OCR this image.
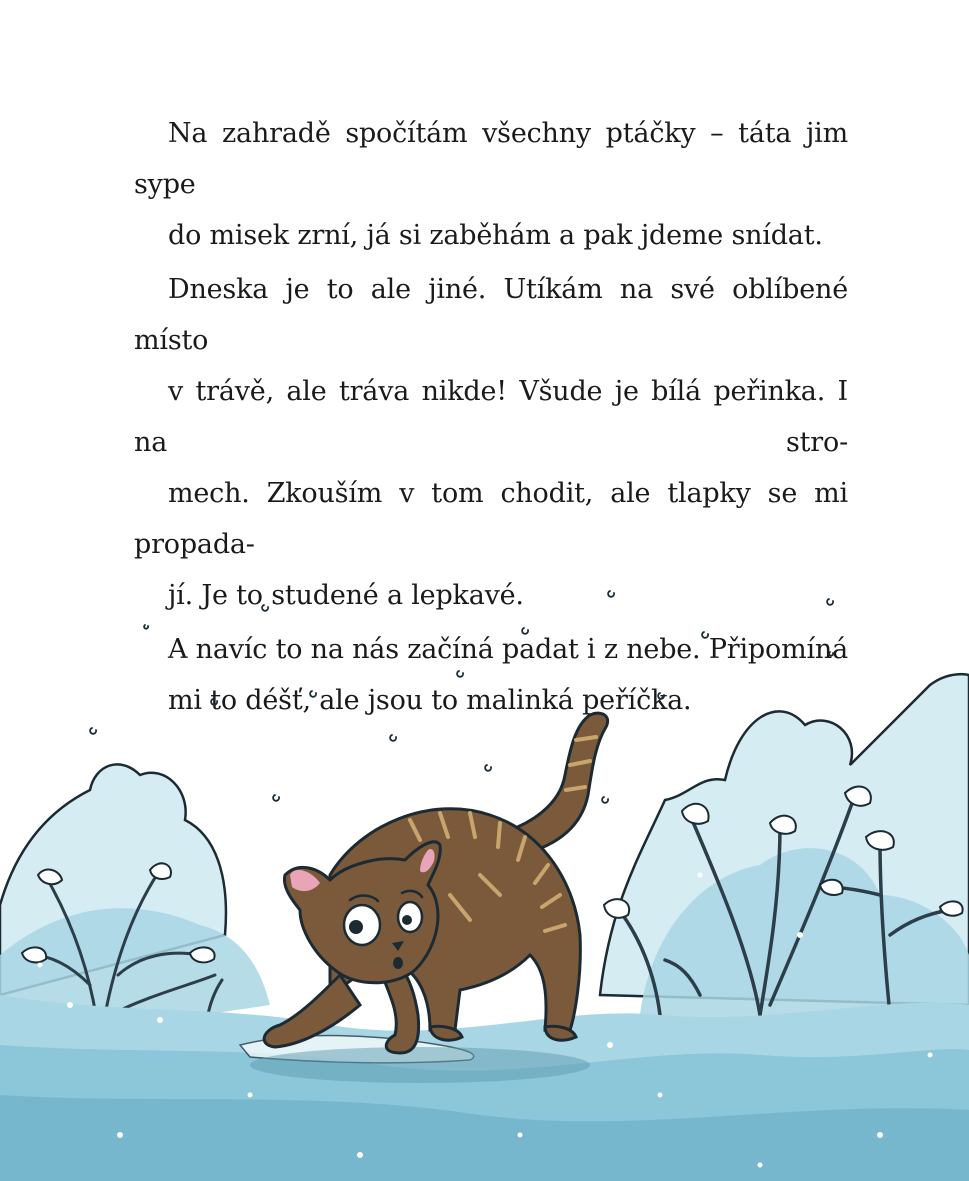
Na zahradě spočítám všechny ptáčky – táta jim sype
do misek zrní, já si zaběhám a pak jdeme snídat.

Dneska je to ale jiné. Utíkám na své oblíbené místo
v trávě, ale tráva nikde! Všude je bílá peřinka. I na stro-
mech. Zkouším v tom chodit, ale tlapky se mi propada-
jí. Je to studené a lepkavé.

A navíc to na nás začíná padat i z nebe. Připomíná
mi to déšť, ale jsou to malinká peříčka.
